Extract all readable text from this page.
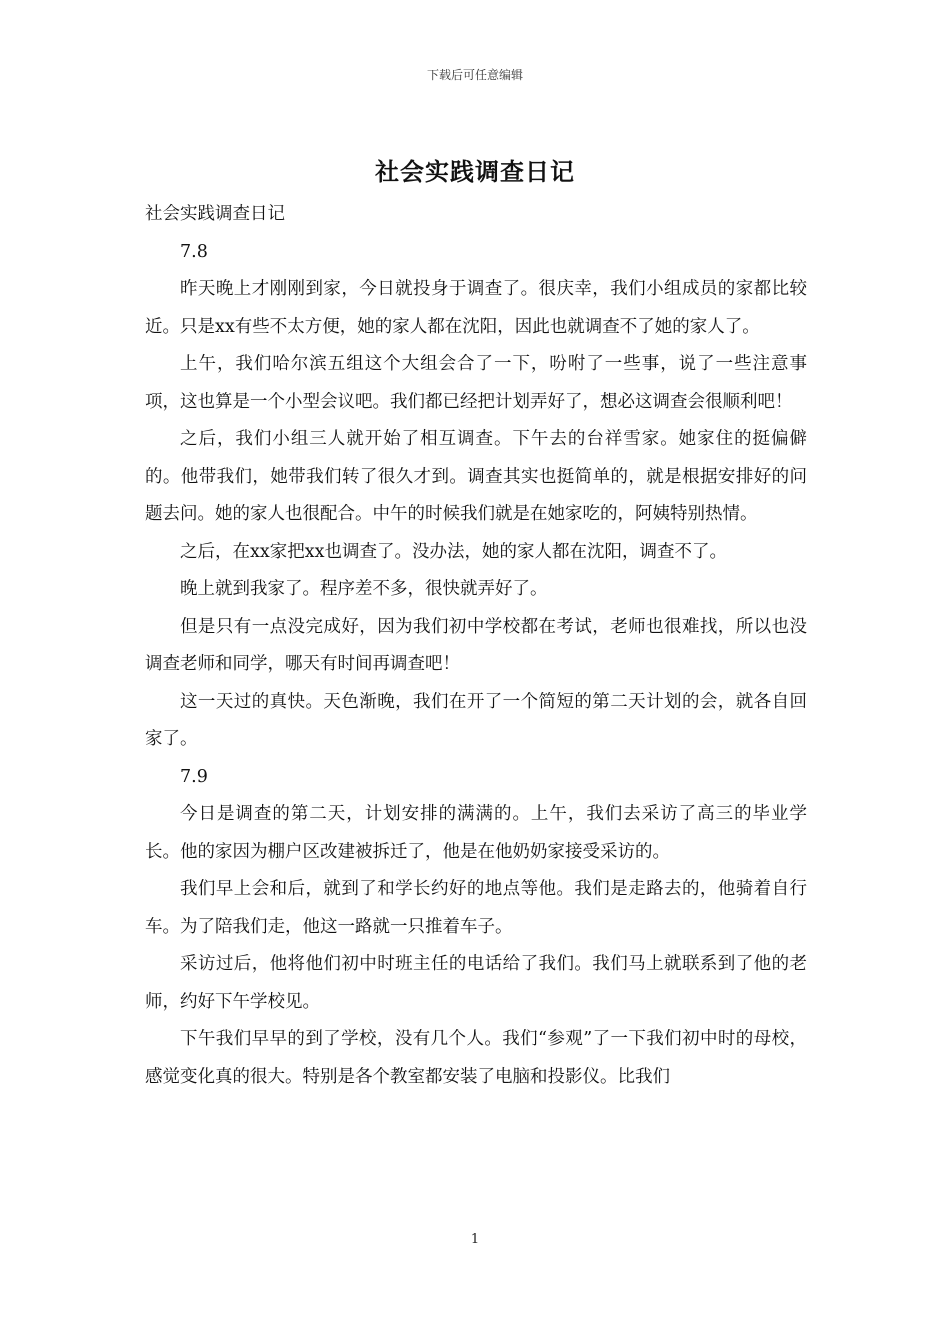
下载后可任意编辑
社会实践调查日记

社会实践调查日记

7.8

昨天晚上才刚刚到家，今日就投身于调查了。很庆幸，我们小组成员的家都比较近。只是xx有些不太方便，她的家人都在沈阳，因此也就调查不了她的家人了。

上午，我们哈尔滨五组这个大组会合了一下，吩咐了一些事，说了一些注意事项，这也算是一个小型会议吧。我们都已经把计划弄好了，想必这调查会很顺利吧！

之后，我们小组三人就开始了相互调查。下午去的台祥雪家。她家住的挺偏僻的。他带我们，她带我们转了很久才到。调查其实也挺简单的，就是根据安排好的问题去问。她的家人也很配合。中午的时候我们就是在她家吃的，阿姨特别热情。

之后，在xx家把xx也调查了。没办法，她的家人都在沈阳，调查不了。

晚上就到我家了。程序差不多，很快就弄好了。

但是只有一点没完成好，因为我们初中学校都在考试，老师也很难找，所以也没调查老师和同学，哪天有时间再调查吧！

这一天过的真快。天色渐晚，我们在开了一个简短的第二天计划的会，就各自回家了。

7.9

今日是调查的第二天，计划安排的满满的。上午，我们去采访了高三的毕业学长。他的家因为棚户区改建被拆迁了，他是在他奶奶家接受采访的。

我们早上会和后，就到了和学长约好的地点等他。我们是走路去的，他骑着自行车。为了陪我们走，他这一路就一只推着车子。

采访过后，他将他们初中时班主任的电话给了我们。我们马上就联系到了他的老师，约好下午学校见。

下午我们早早的到了学校，没有几个人。我们“参观”了一下我们初中时的母校，感觉变化真的很大。特别是各个教室都安装了电脑和投影仪。比我们

1
